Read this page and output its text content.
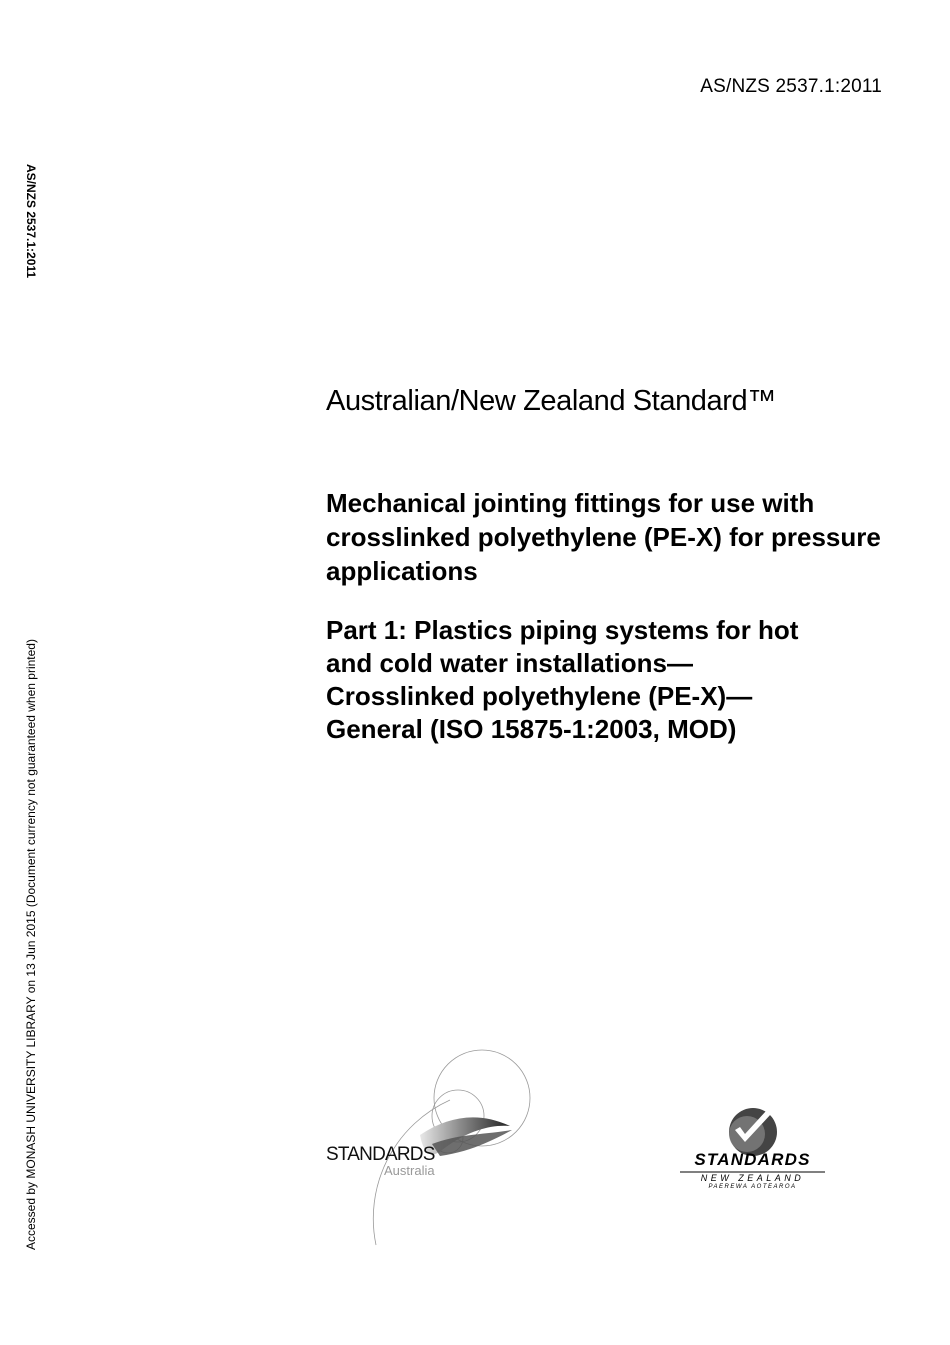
AS/NZS 2537.1:2011
AS/NZS 2537.1:2011
Accessed by MONASH UNIVERSITY LIBRARY on 13 Jun 2015 (Document currency not guaranteed when printed)
Australian/New Zealand Standard™
Mechanical jointing fittings for use with crosslinked polyethylene (PE-X) for pressure applications
Part 1: Plastics piping systems for hot
and cold water installations—
Crosslinked polyethylene (PE-X)—
General (ISO 15875-1:2003, MOD)
STANDARDS
Australia
STANDARDS
NEW ZEALAND
PAEREWA AOTEAROA
